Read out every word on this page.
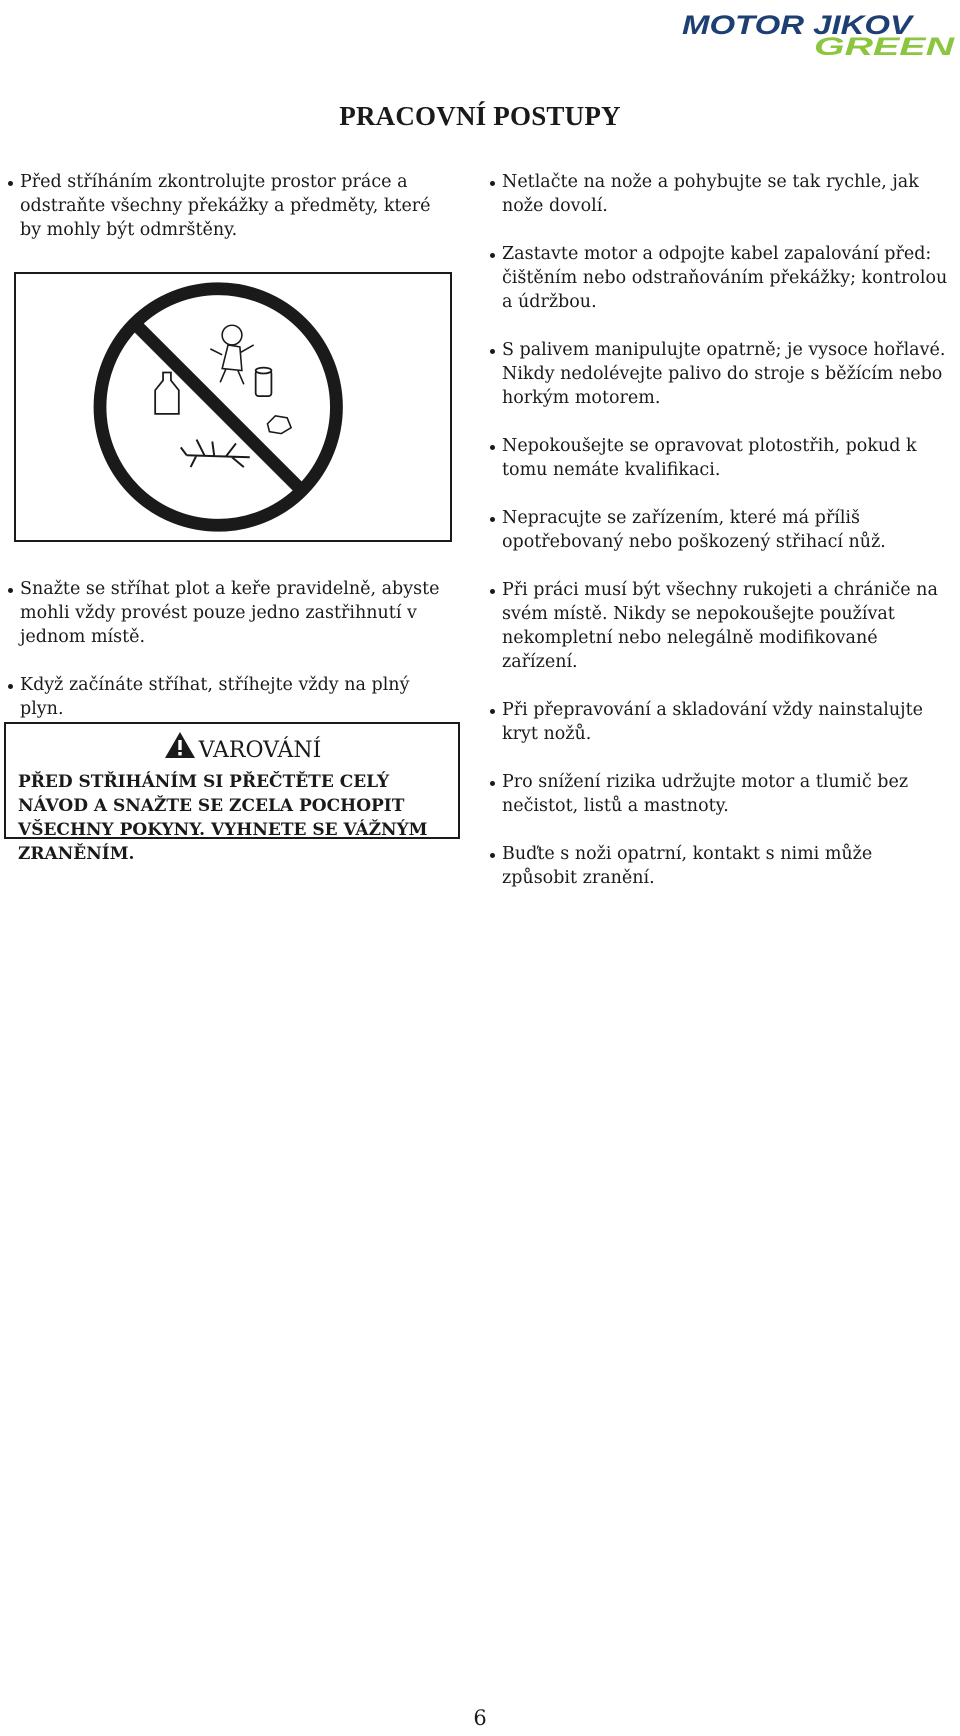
MOTOR JIKOV
GREEN
PRACOVNÍ POSTUPY
Před stříháním zkontrolujte prostor práce a odstraňte všechny překážky a předměty, které by mohly být odmrštěny.
Snažte se stříhat plot a keře pravidelně, abyste mohli vždy provést pouze jedno zastřihnutí v jednom místě.
Když začínáte stříhat, stříhejte vždy na plný plyn.
VAROVÁNÍ
PŘED STŘIHÁNÍM SI PŘEČTĚTE CELÝ NÁVOD A SNAŽTE SE ZCELA POCHOPIT VŠECHNY POKYNY. VYHNETE SE VÁŽNÝM ZRANĚNÍM.
Netlačte na nože a pohybujte se tak rychle, jak nože dovolí.
Zastavte motor a odpojte kabel zapalování před: čištěním nebo odstraňováním překážky; kontrolou a údržbou.
S palivem manipulujte opatrně; je vysoce hořlavé. Nikdy nedolévejte palivo do stroje s běžícím nebo horkým motorem.
Nepokoušejte se opravovat plotostřih, pokud k tomu nemáte kvalifikaci.
Nepracujte se zařízením, které má příliš opotřebovaný nebo poškozený střihací nůž.
Při práci musí být všechny rukojeti a chrániče na svém místě. Nikdy se nepokoušejte používat nekompletní nebo nelegálně modifikované zařízení.
Při přepravování a skladování vždy nainstalujte kryt nožů.
Pro snížení rizika udržujte motor a tlumič bez nečistot, listů a mastnoty.
Buďte s noži opatrní, kontakt s nimi může způsobit zranění.
6
